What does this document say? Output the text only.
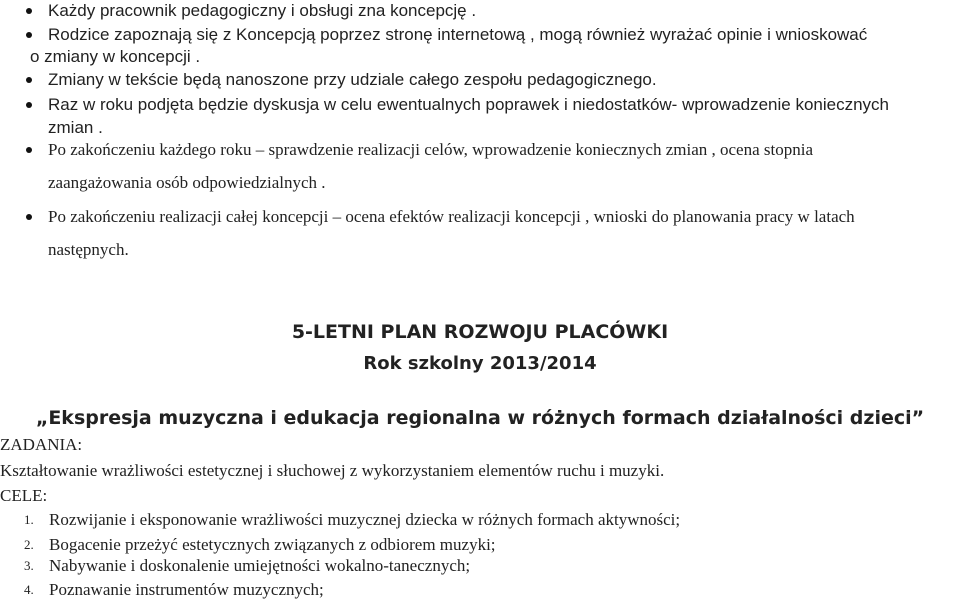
Każdy pracownik pedagogiczny i obsługi zna koncepcję .
Rodzice zapoznają się z Koncepcją poprzez stronę internetową , mogą również wyrażać opinie i wnioskować
o zmiany w koncepcji .
Zmiany w tekście będą nanoszone przy udziale całego zespołu pedagogicznego.
Raz w roku podjęta będzie dyskusja w celu ewentualnych poprawek i niedostatków- wprowadzenie koniecznych
zmian .
Po zakończeniu każdego roku – sprawdzenie realizacji celów, wprowadzenie koniecznych zmian , ocena stopnia
zaangażowania osób odpowiedzialnych .
Po zakończeniu realizacji całej koncepcji – ocena efektów realizacji koncepcji , wnioski do planowania pracy w latach
następnych.
5-LETNI PLAN ROZWOJU PLACÓWKI
Rok szkolny 2013/2014
„Ekspresja muzyczna i edukacja regionalna w różnych formach działalności dzieci”
ZADANIA:
Kształtowanie wrażliwości estetycznej i słuchowej z wykorzystaniem elementów ruchu i muzyki.
CELE:
1. Rozwijanie i eksponowanie wrażliwości muzycznej dziecka w różnych formach aktywności;
2. Bogacenie przeżyć estetycznych związanych z odbiorem muzyki;
3. Nabywanie i doskonalenie umiejętności wokalno-tanecznych;
4. Poznawanie instrumentów muzycznych;
